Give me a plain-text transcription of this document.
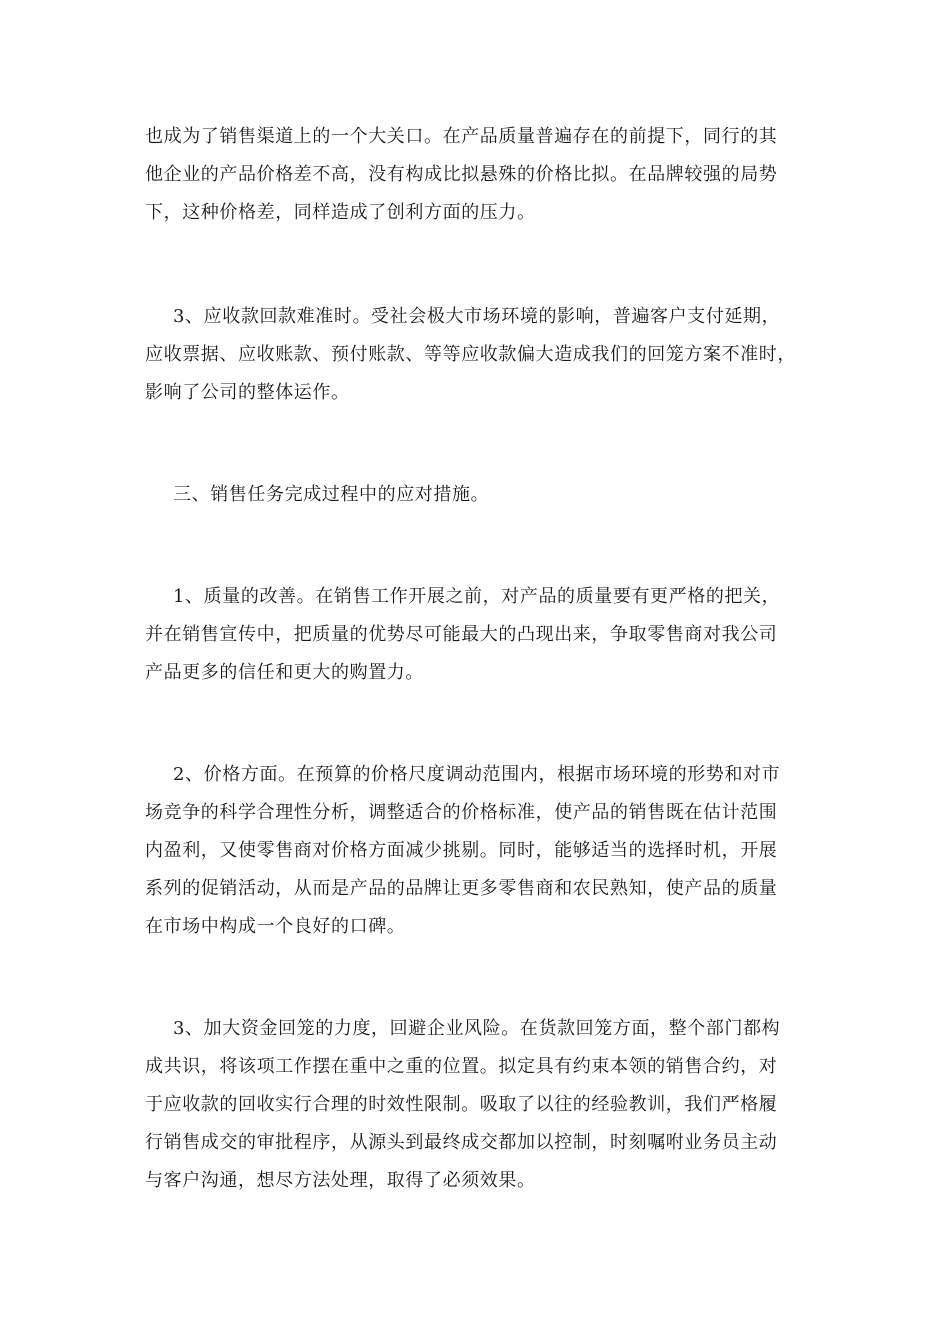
也成为了销售渠道上的一个大关口。在产品质量普遍存在的前提下，同行的其
他企业的产品价格差不高，没有构成比拟悬殊的价格比拟。在品牌较强的局势
下，这种价格差，同样造成了创利方面的压力。
3、应收款回款难准时。受社会极大市场环境的影响，普遍客户支付延期，
应收票据、应收账款、预付账款、等等应收款偏大造成我们的回笼方案不准时，
影响了公司的整体运作。
三、销售任务完成过程中的应对措施。
1、质量的改善。在销售工作开展之前，对产品的质量要有更严格的把关，
并在销售宣传中，把质量的优势尽可能最大的凸现出来，争取零售商对我公司
产品更多的信任和更大的购置力。
2、价格方面。在预算的价格尺度调动范围内，根据市场环境的形势和对市
场竞争的科学合理性分析，调整适合的价格标准，使产品的销售既在估计范围
内盈利，又使零售商对价格方面减少挑剔。同时，能够适当的选择时机，开展
系列的促销活动，从而是产品的品牌让更多零售商和农民熟知，使产品的质量
在市场中构成一个良好的口碑。
3、加大资金回笼的力度，回避企业风险。在货款回笼方面，整个部门都构
成共识，将该项工作摆在重中之重的位置。拟定具有约束本领的销售合约，对
于应收款的回收实行合理的时效性限制。吸取了以往的经验教训，我们严格履
行销售成交的审批程序，从源头到最终成交都加以控制，时刻嘱咐业务员主动
与客户沟通，想尽方法处理，取得了必须效果。
